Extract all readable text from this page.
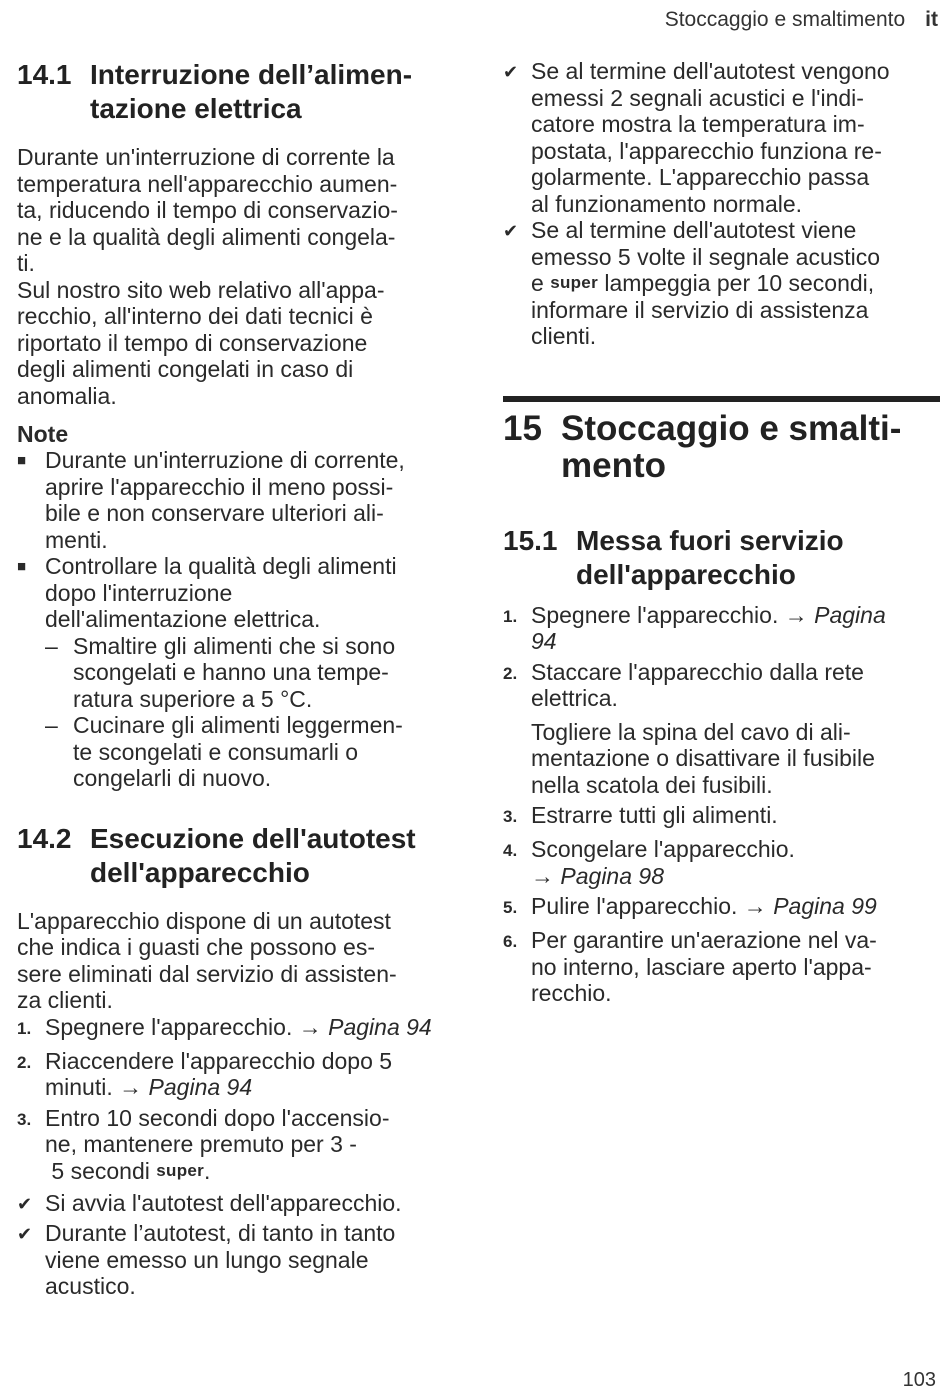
Stoccaggio e smaltimento it
14.1 Interruzione dell’alimen-
tazione elettrica

Durante un'interruzione di corrente la
temperatura nell'apparecchio aumen-
ta, riducendo il tempo di conservazio-
ne e la qualità degli alimenti congela-
ti.

Sul nostro sito web relativo all'appa-
recchio, all'interno dei dati tecnici è
riportato il tempo di conservazione
degli alimenti congelati in caso di
anomalia.

Note
■ Durante un'interruzione di corrente,
aprire l'apparecchio il meno possi-
bile e non conservare ulteriori ali-
menti.
■ Controllare la qualità degli alimenti
dopo l'interruzione
dell'alimentazione elettrica.
– Smaltire gli alimenti che si sono
scongelati e hanno una tempe-
ratura superiore a 5 °C.
– Cucinare gli alimenti leggermen-
te scongelati e consumarli o
congelarli di nuovo.
14.2 Esecuzione dell'autotest
dell'apparecchio

L'apparecchio dispone di un autotest
che indica i guasti che possono es-
sere eliminati dal servizio di assisten-
za clienti.

1. Spegnere l'apparecchio. → Pagina 94
2. Riaccendere l'apparecchio dopo 5
minuti. → Pagina 94
3. Entro 10 secondi dopo l'accensio-
ne, mantenere premuto per 3 -
5 secondi super.
✔ Si avvia l'autotest dell'apparecchio.
✔ Durante l’autotest, di tanto in tanto
viene emesso un lungo segnale
acustico.
✔ Se al termine dell'autotest vengono
emessi 2 segnali acustici e l'indi-
catore mostra la temperatura im-
postata, l'apparecchio funziona re-
golarmente. L'apparecchio passa
al funzionamento normale.
✔ Se al termine dell'autotest viene
emesso 5 volte il segnale acustico
e super lampeggia per 10 secondi,
informare il servizio di assistenza
clienti.
15 Stoccaggio e smalti-
mento
15.1 Messa fuori servizio
dell'apparecchio
1. Spegnere l'apparecchio. → Pagina
94
2. Staccare l'apparecchio dalla rete
elettrica.

Togliere la spina del cavo di ali-
mentazione o disattivare il fusibile
nella scatola dei fusibili.

3. Estrarre tutti gli alimenti.
4. Scongelare l'apparecchio.
→ Pagina 98
5. Pulire l'apparecchio. → Pagina 99
6. Per garantire un'aerazione nel va-
no interno, lasciare aperto l'appa-
recchio.
103
